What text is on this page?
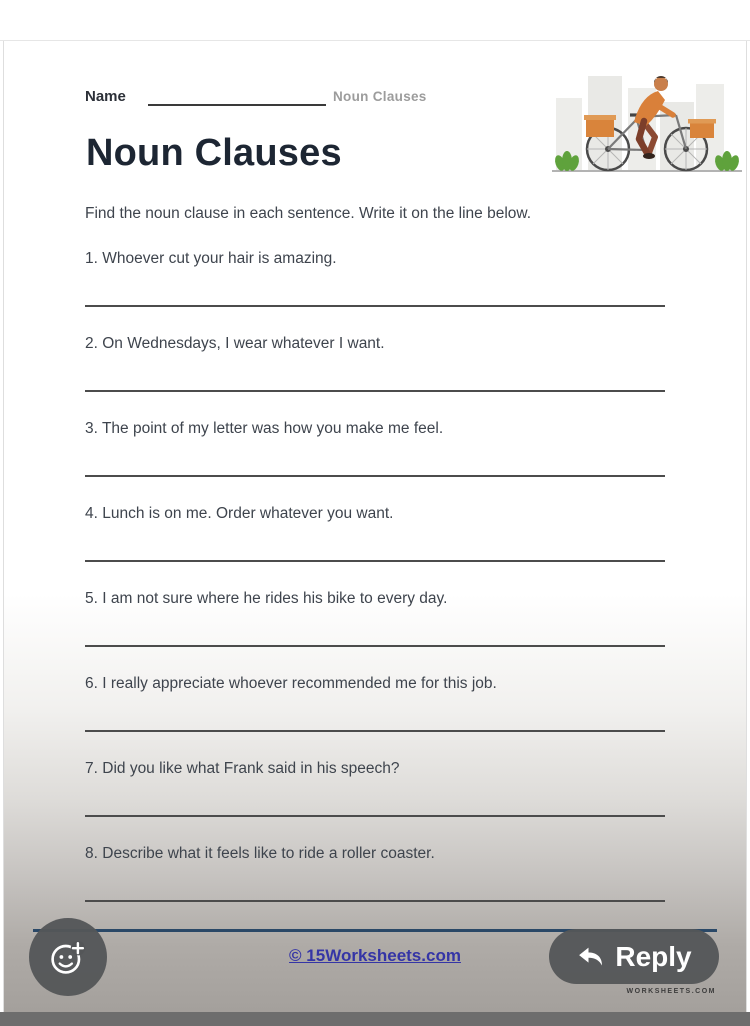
Name	Noun Clauses
Noun Clauses
Find the noun clause in each sentence. Write it on the line below.
1. Whoever cut your hair is amazing.
2. On Wednesdays, I wear whatever I want.
3. The point of my letter was how you make me feel.
4. Lunch is on me. Order whatever you want.
5. I am not sure where he rides his bike to every day.
6. I really appreciate whoever recommended me for this job.
7. Did you like what Frank said in his speech?
8. Describe what it feels like to ride a roller coaster.
© 15Worksheets.com
WORKSHEETS.COM
Reply
